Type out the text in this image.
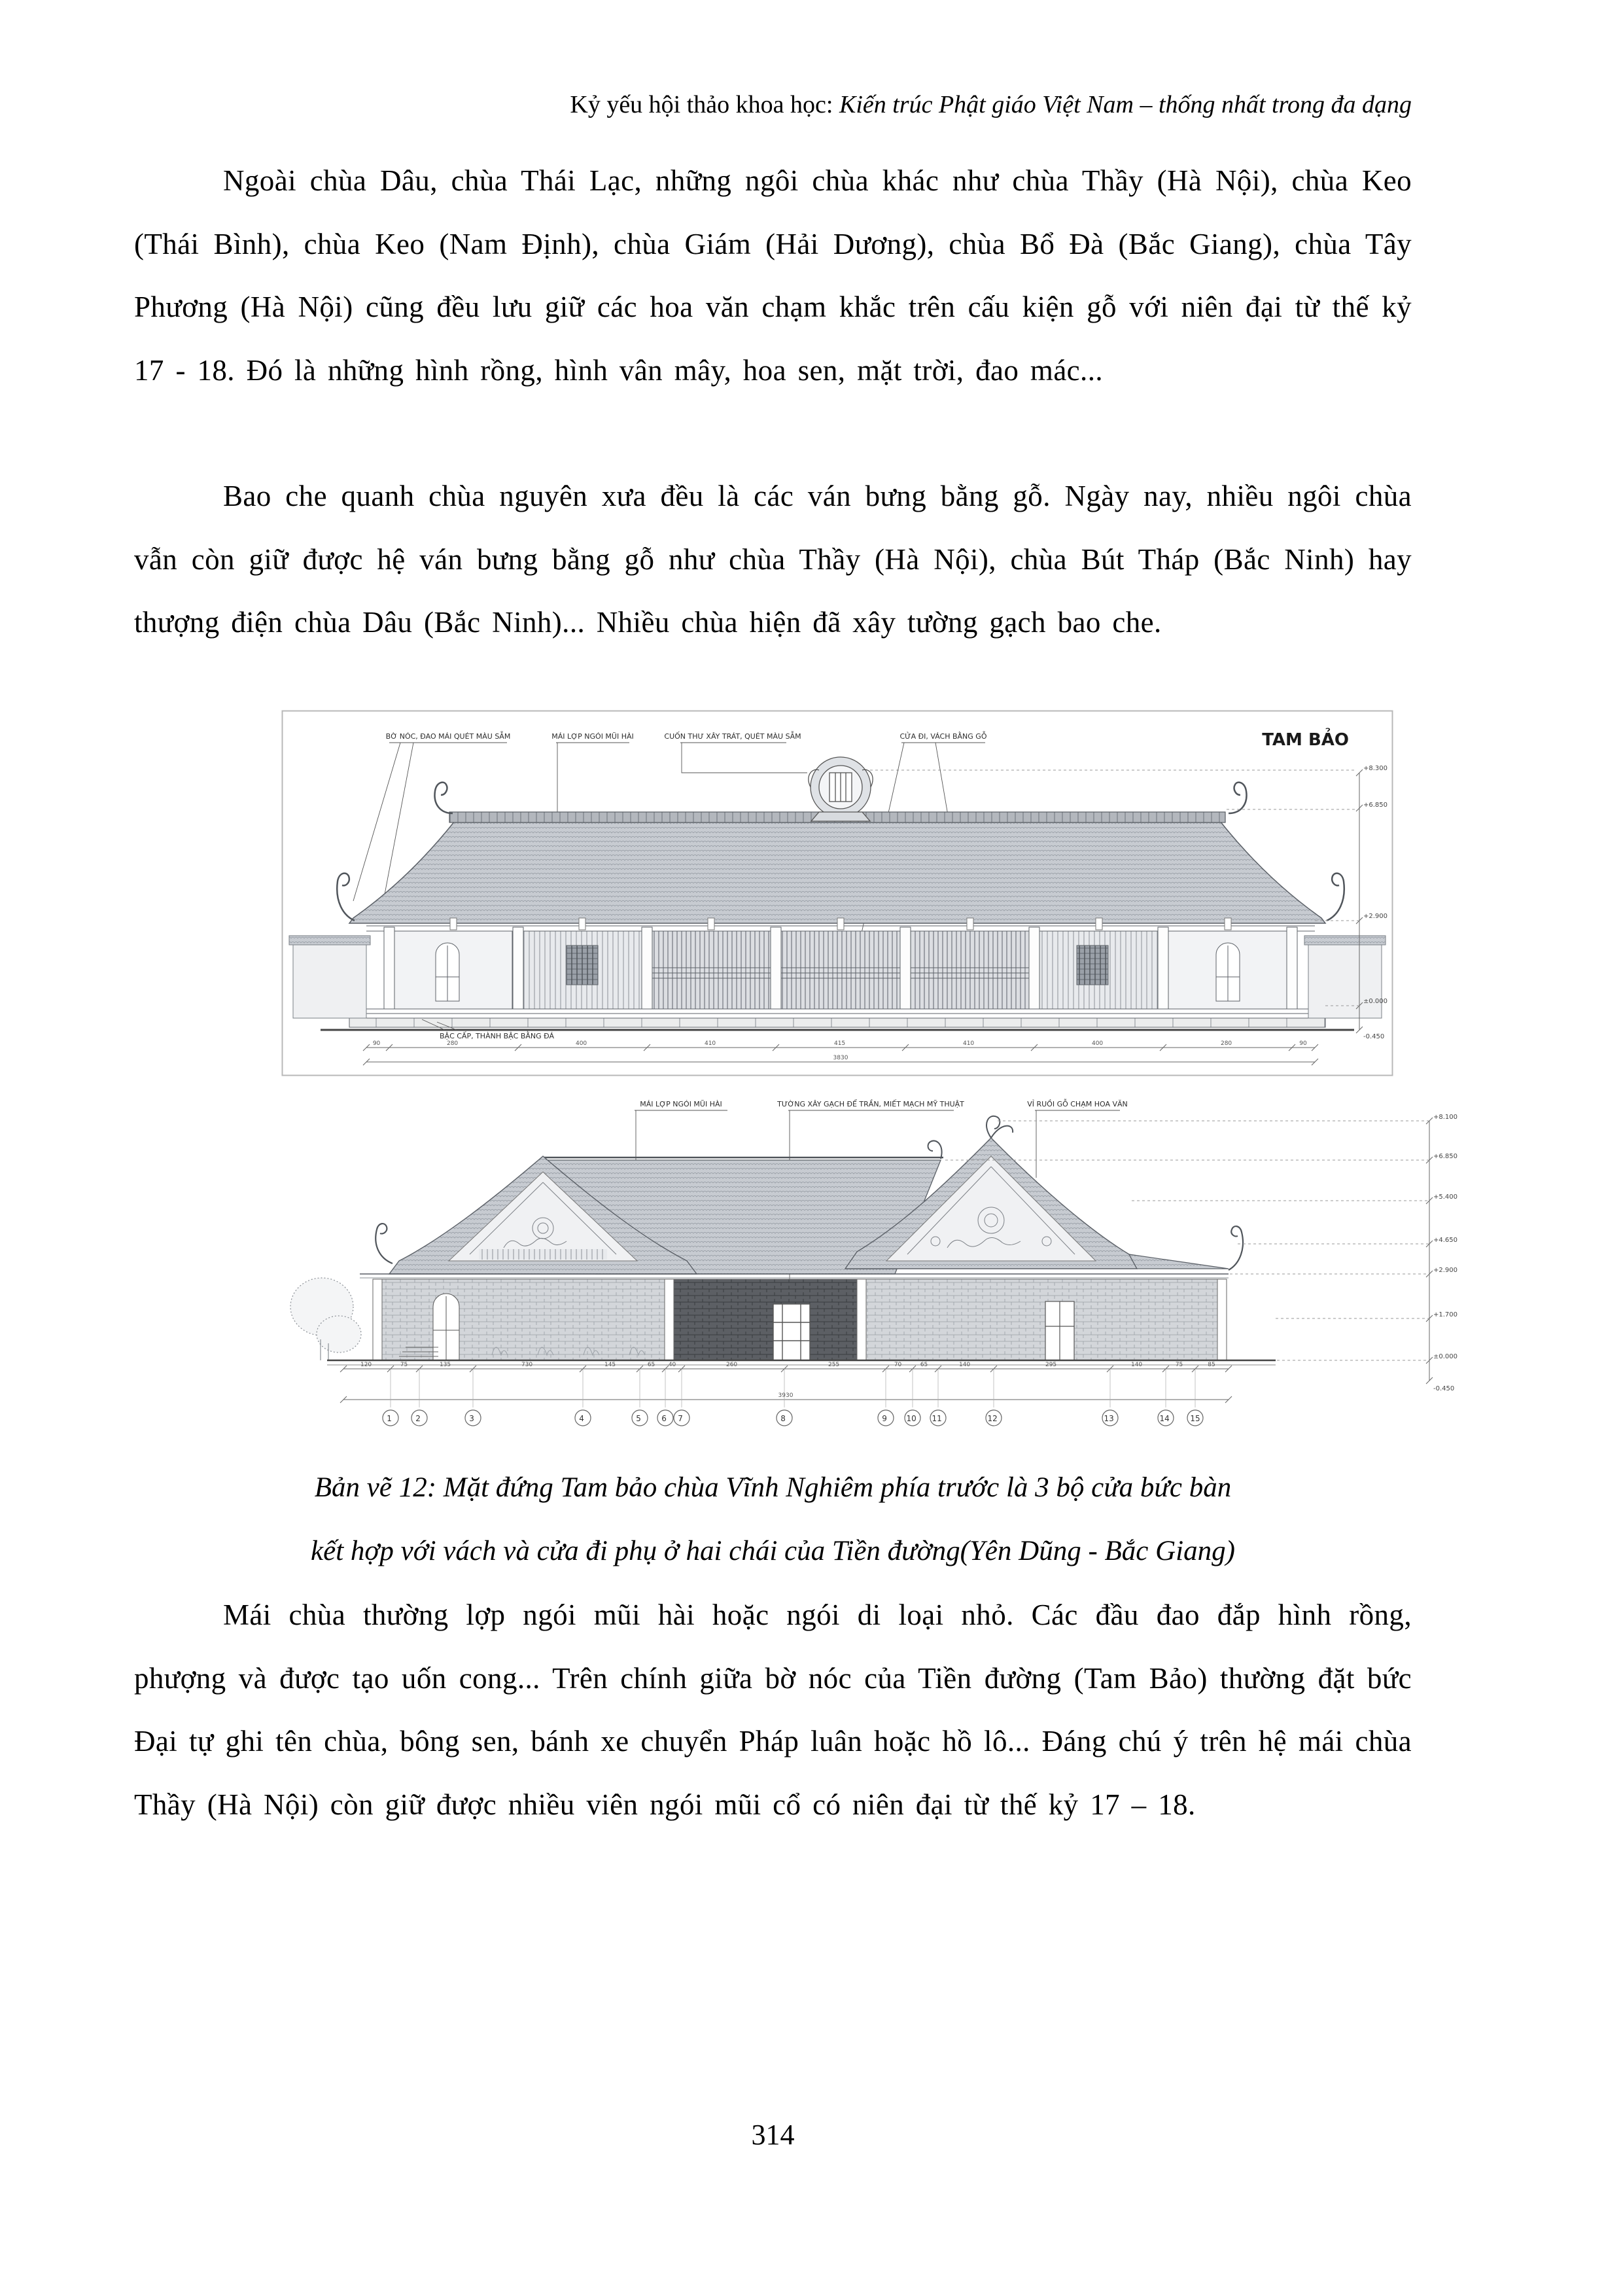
Kỷ yếu hội thảo khoa học: Kiến trúc Phật giáo Việt Nam – thống nhất trong đa dạng
Ngoài chùa Dâu, chùa Thái Lạc, những ngôi chùa khác như chùa Thầy (Hà Nội), chùa Keo (Thái Bình), chùa Keo (Nam Định), chùa Giám (Hải Dương), chùa Bổ Đà (Bắc Giang), chùa Tây Phương (Hà Nội) cũng đều lưu giữ các hoa văn chạm khắc trên cấu kiện gỗ với niên đại từ thế kỷ 17 - 18. Đó là những hình rồng, hình vân mây, hoa sen, mặt trời, đao mác...
Bao che quanh chùa nguyên xưa đều là các ván bưng bằng gỗ. Ngày nay, nhiều ngôi chùa vẫn còn giữ được hệ ván bưng bằng gỗ như chùa Thầy (Hà Nội), chùa Bút Tháp (Bắc Ninh) hay thượng điện chùa Dâu (Bắc Ninh)... Nhiều chùa hiện đã xây tường gạch bao che.
TAM BẢO
BỜ NÓC, ĐAO MÁI QUÉT MÀU SẪM	MÁI LỢP NGÓI MŨI HÀI	CUỐN THƯ XÂY TRÁT, QUÉT MÀU SẪM	CỬA ĐI, VÁCH BẰNG GỖ
BẬC CẤP, THÀNH BẬC BẰNG ĐÁ
+8.300 +6.850 +2.900 ±0.000 -0.450
90	280	400	410	415	410	400	280	90
3830
MÁI LỢP NGÓI MŨI HÀI	TƯỜNG XÂY GẠCH ĐỂ TRẦN, MIẾT MẠCH MỸ THUẬT	VỈ RUỒI GỖ CHẠM HOA VĂN
+8.100 +6.850 +5.400 +4.650 +2.900 +1.700 ±0.000 -0.450
120	75	135	730	145	65 40	260	255	70	65	140	295	140	75	85
3930
1	2	3	4	5	6 7	8	9 10 11	12	13	14	15
Bản vẽ 12: Mặt đứng Tam bảo chùa Vĩnh Nghiêm phía trước là 3 bộ cửa bức bàn
kết hợp với vách và cửa đi phụ ở hai chái của Tiền đường(Yên Dũng - Bắc Giang)
Mái chùa thường lợp ngói mũi hài hoặc ngói di loại nhỏ. Các đầu đao đắp hình rồng, phượng và được tạo uốn cong... Trên chính giữa bờ nóc của Tiền đường (Tam Bảo) thường đặt bức Đại tự ghi tên chùa, bông sen, bánh xe chuyển Pháp luân hoặc hồ lô... Đáng chú ý trên hệ mái chùa Thầy (Hà Nội) còn giữ được nhiều viên ngói mũi cổ có niên đại từ thế kỷ 17 – 18.
314
